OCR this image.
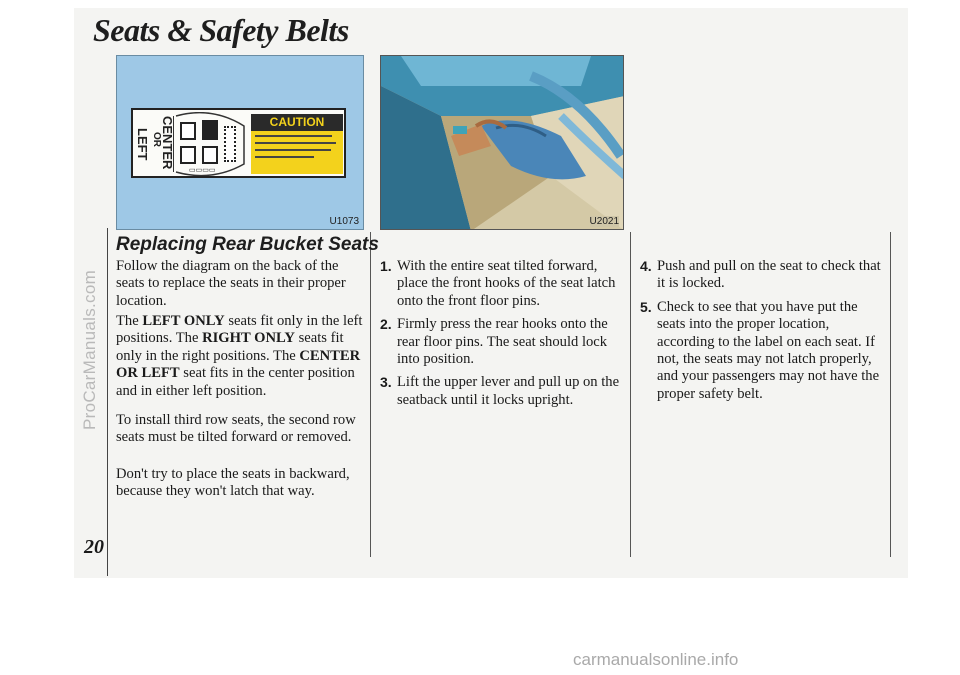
ProCarManuals.com
Seats & Safety Belts
CENTER
OR
LEFT
▭▭▭▭
CAUTION
U1073	U2021
Replacing Rear Bucket Seats
Follow the diagram on the back of the seats to replace the seats in their proper location.
The LEFT ONLY seats fit only in the left positions. The RIGHT ONLY seats fit only in the right positions. The CENTER OR LEFT seat fits in the center position and in either left position.
To install third row seats, the second row seats must be tilted forward or removed.
Don't try to place the seats in backward, because they won't latch that way.
1. With the entire seat tilted forward, place the front hooks of the seat latch onto the front floor pins.
2. Firmly press the rear hooks onto the rear floor pins. The seat should lock into position.
3. Lift the upper lever and pull up on the seatback until it locks upright.
4. Push and pull on the seat to check that it is locked.
5. Check to see that you have put the seats into the proper location, according to the label on each seat. If not, the seats may not latch properly, and your passengers may not have the proper safety belt.
20
carmanualsonline.info
